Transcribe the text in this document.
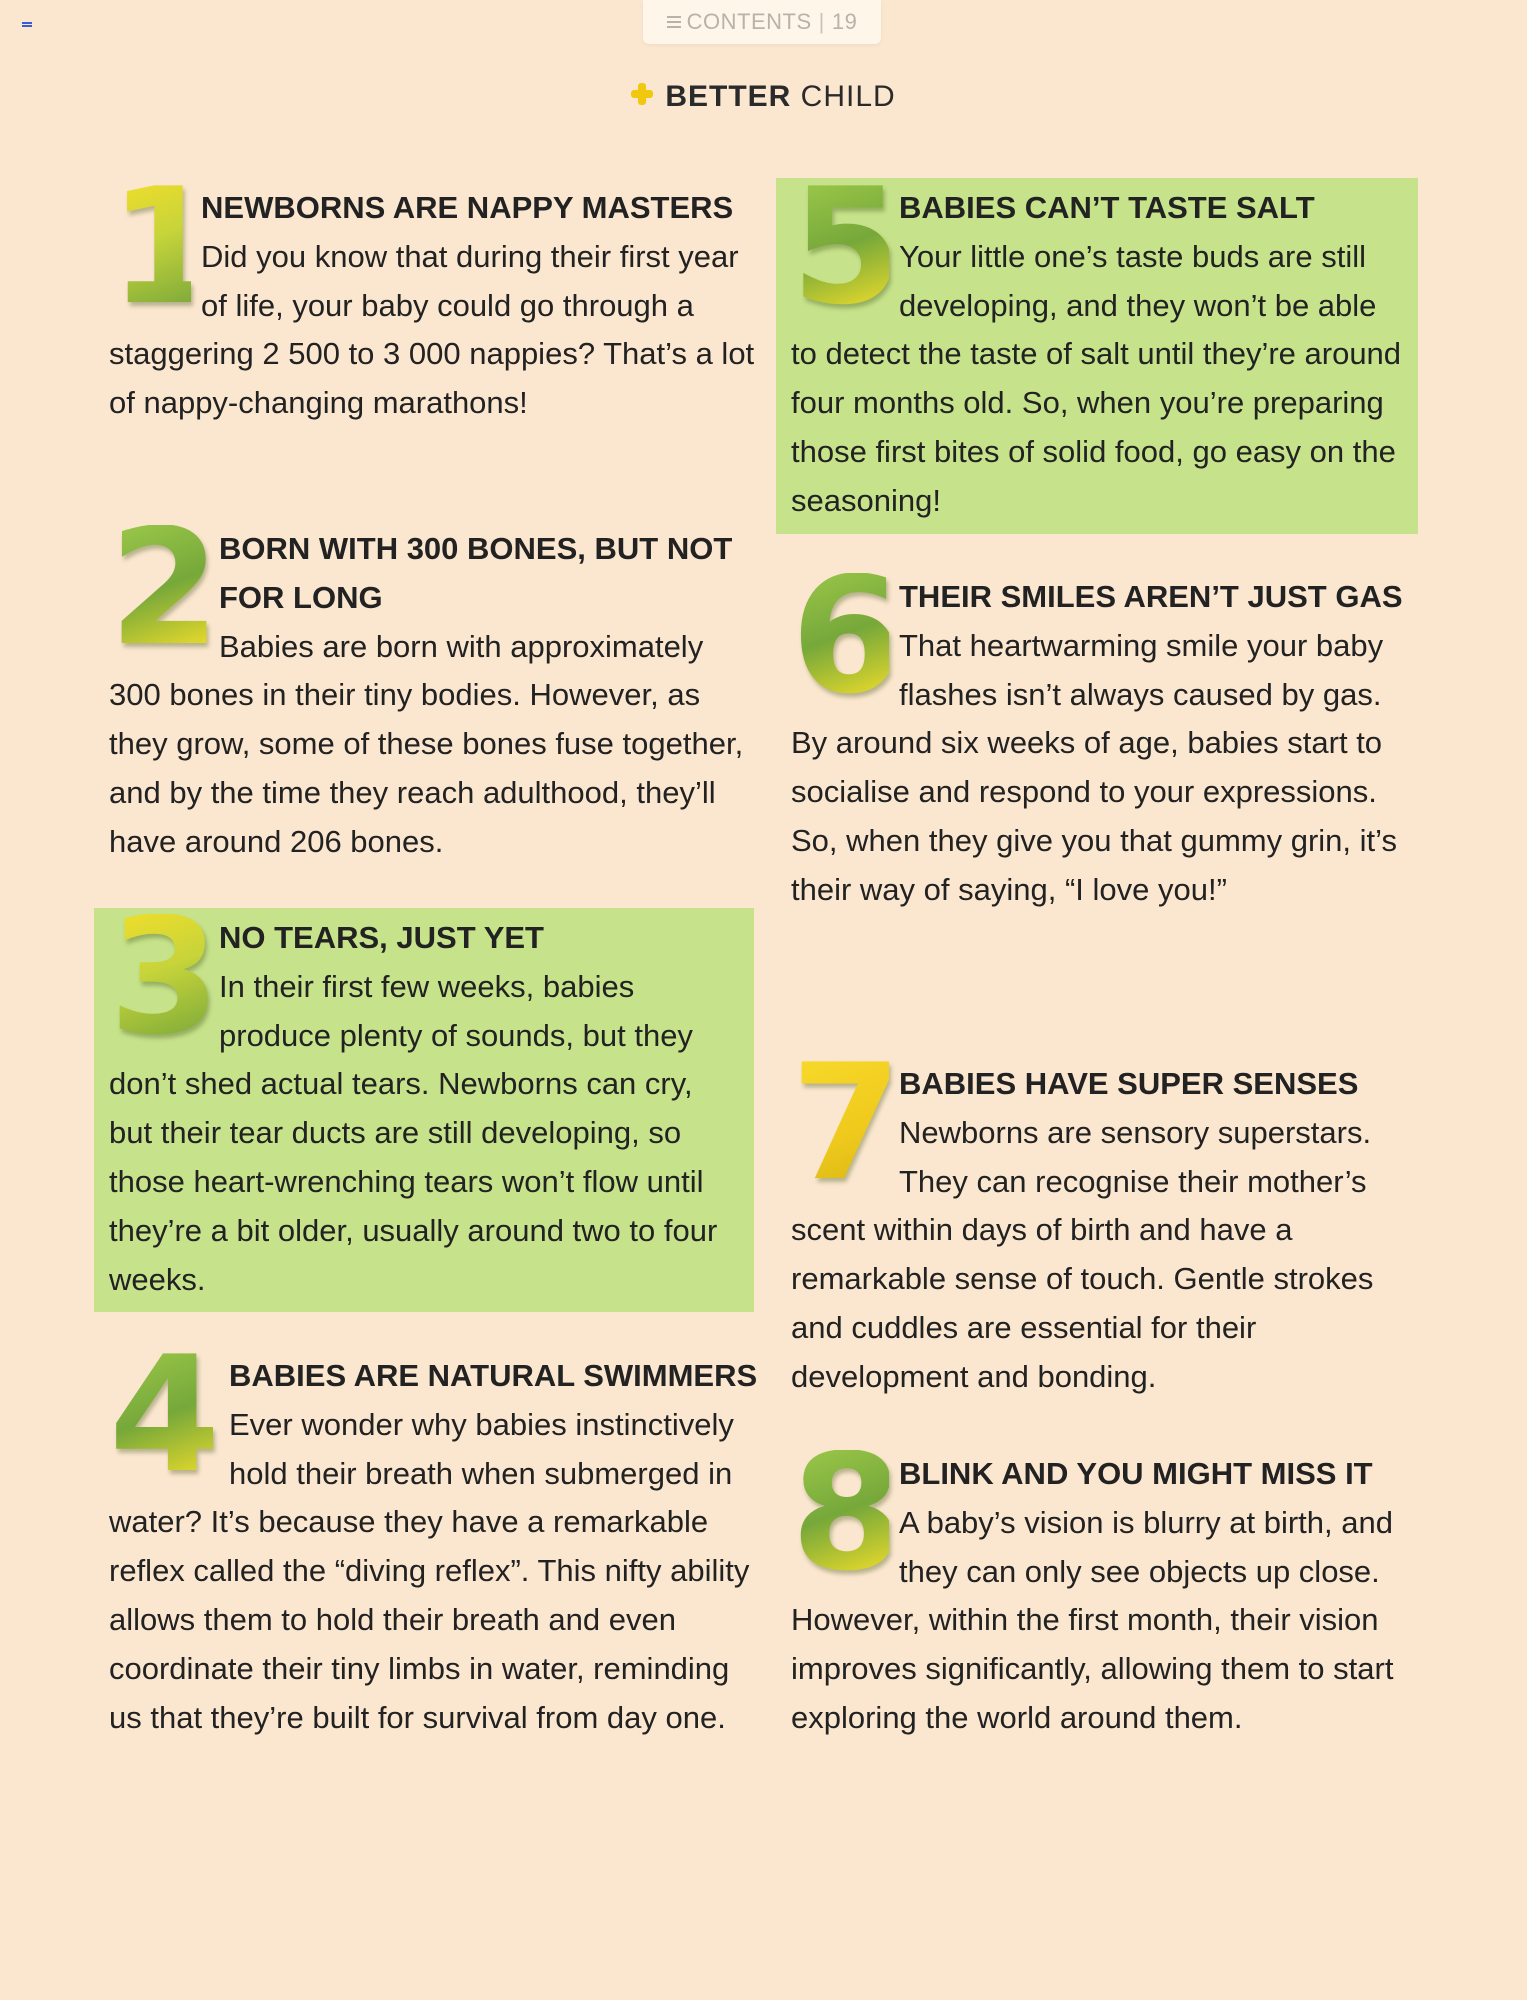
CONTENTS | 19
BETTER CHILD

1
NEWBORNS ARE NAPPY MASTERS
Did you know that during their first year of life, your baby could go through a staggering 2 500 to 3 000 nappies? That’s a lot of nappy-changing marathons!

2
BORN WITH 300 BONES, BUT NOT FOR LONG
Babies are born with approximately 300 bones in their tiny bodies. However, as they grow, some of these bones fuse together, and by the time they reach adulthood, they’ll have around 206 bones.

3
NO TEARS, JUST YET
In their first few weeks, babies produce plenty of sounds, but they don’t shed actual tears. Newborns can cry, but their tear ducts are still developing, so those heart-wrenching tears won’t flow until they’re a bit older, usually around two to four weeks.

4 BABIES ARE NATURAL SWIMMERS
Ever wonder why babies instinctively hold their breath when submerged in water? It’s because they have a remarkable reflex called the “diving reflex”. This nifty ability allows them to hold their breath and even coordinate their tiny limbs in water, reminding us that they’re built for survival from day one.

5
BABIES CAN’T TASTE SALT
Your little one’s taste buds are still developing, and they won’t be able to detect the taste of salt until they’re around four months old. So, when you’re preparing those first bites of solid food, go easy on the seasoning!

6
THEIR SMILES AREN’T JUST GAS
That heartwarming smile your baby flashes isn’t always caused by gas. By around six weeks of age, babies start to socialise and respond to your expressions. So, when they give you that gummy grin, it’s their way of saying, “I love you!”

7
BABIES HAVE SUPER SENSES
Newborns are sensory superstars. They can recognise their mother’s scent within days of birth and have a remarkable sense of touch. Gentle strokes and cuddles are essential for their development and bonding.

8
BLINK AND YOU MIGHT MISS IT
A baby’s vision is blurry at birth, and they can only see objects up close. However, within the first month, their vision improves significantly, allowing them to start exploring the world around them.
